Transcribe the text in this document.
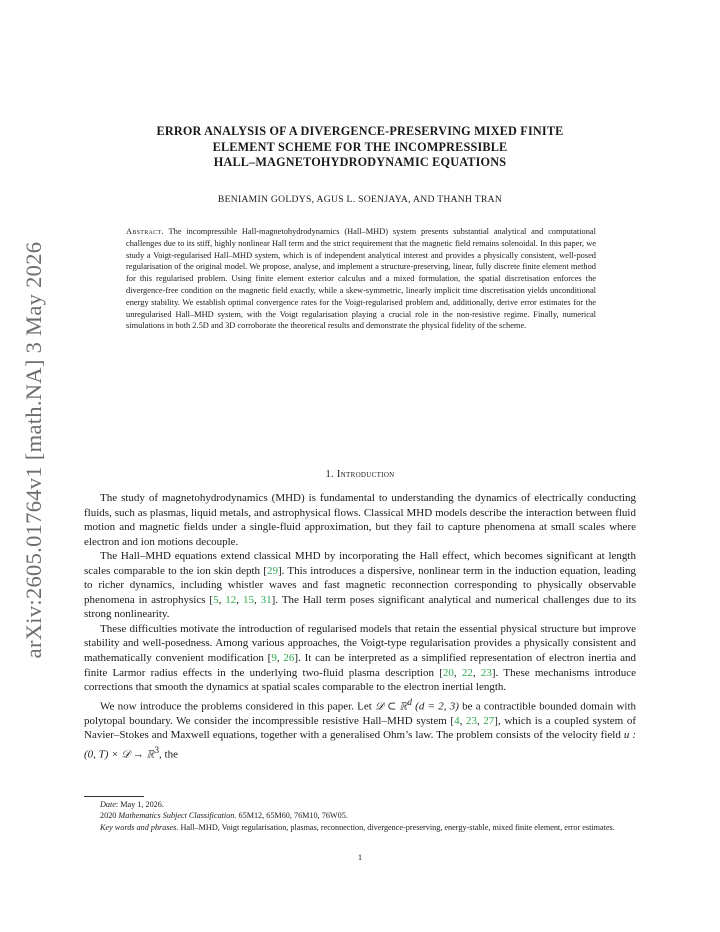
arXiv:2605.01764v1 [math.NA] 3 May 2026
ERROR ANALYSIS OF A DIVERGENCE-PRESERVING MIXED FINITE
ELEMENT SCHEME FOR THE INCOMPRESSIBLE
HALL–MAGNETOHYDRODYNAMIC EQUATIONS
BENIAMIN GOLDYS, AGUS L. SOENJAYA, AND THANH TRAN
Abstract. The incompressible Hall-magnetohydrodynamics (Hall–MHD) system presents substantial analytical and computational challenges due to its stiff, highly nonlinear Hall term and the strict requirement that the magnetic field remains solenoidal. In this paper, we study a Voigt-regularised Hall–MHD system, which is of independent analytical interest and provides a physically consistent, well-posed regularisation of the original model. We propose, analyse, and implement a structure-preserving, linear, fully discrete finite element method for this regularised problem. Using finite element exterior calculus and a mixed formulation, the spatial discretisation enforces the divergence-free condition on the magnetic field exactly, while a skew-symmetric, linearly implicit time discretisation yields unconditional energy stability. We establish optimal convergence rates for the Voigt-regularised problem and, additionally, derive error estimates for the unregularised Hall–MHD system, with the Voigt regularisation playing a crucial role in the non-resistive regime. Finally, numerical simulations in both 2.5D and 3D corroborate the theoretical results and demonstrate the physical fidelity of the scheme.
1. Introduction

The study of magnetohydrodynamics (MHD) is fundamental to understanding the dynamics of electrically conducting fluids, such as plasmas, liquid metals, and astrophysical flows. Classical MHD models describe the interaction between fluid motion and magnetic fields under a single-fluid approximation, but they fail to capture phenomena at small scales where electron and ion motions decouple.

The Hall–MHD equations extend classical MHD by incorporating the Hall effect, which becomes significant at length scales comparable to the ion skin depth [29]. This introduces a dispersive, nonlinear term in the induction equation, leading to richer dynamics, including whistler waves and fast magnetic reconnection corresponding to physically observable phenomena in astrophysics [5, 12, 15, 31]. The Hall term poses significant analytical and numerical challenges due to its strong nonlinearity.

These difficulties motivate the introduction of regularised models that retain the essential physical structure but improve stability and well-posedness. Among various approaches, the Voigt-type regularisation provides a physically consistent and mathematically convenient modification [9, 26]. It can be interpreted as a simplified representation of electron inertia and finite Larmor radius effects in the underlying two-fluid plasma description [20, 22, 23]. These mechanisms introduce corrections that smooth the dynamics at spatial scales comparable to the electron inertial length.

We now introduce the problems considered in this paper. Let 𝒟 ⊂ ℝ$^d$ (d = 2, 3) be a contractible bounded domain with polytopal boundary. We consider the incompressible resistive Hall–MHD system [4, 23, 27], which is a coupled system of Navier–Stokes and Maxwell equations, together with a generalised Ohm’s law. The problem consists of the velocity field u : (0, T) × 𝒟 → ℝ$^3$, the

Date: May 1, 2026.

2020 Mathematics Subject Classification. 65M12, 65M60, 76M10, 76W05.

Key words and phrases. Hall–MHD, Voigt regularisation, plasmas, reconnection, divergence-preserving, energy-stable, mixed finite element, error estimates.

1
